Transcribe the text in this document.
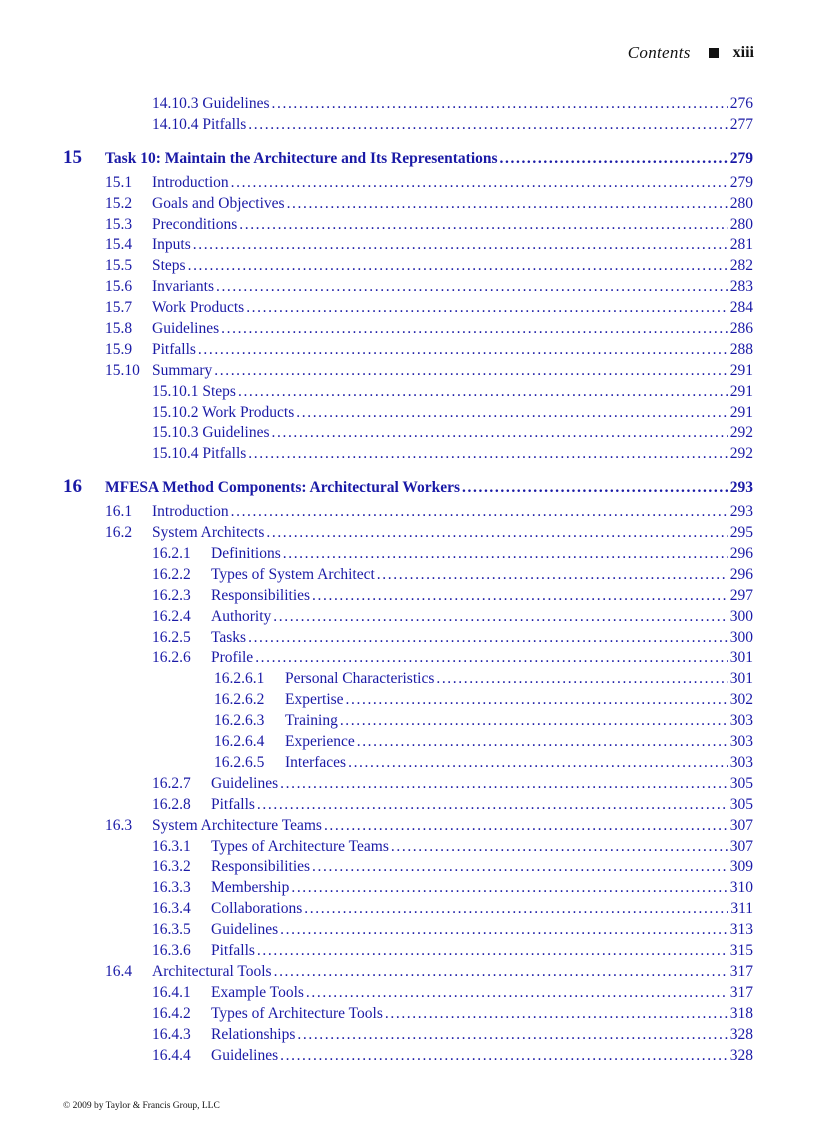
Contents	xiii
14.10.3 Guidelines .....	276
14.10.4 Pitfalls .....	277
15 Task 10: Maintain the Architecture and Its Representations .....	279
15.1 Introduction .....	279
15.2 Goals and Objectives .....	280
15.3 Preconditions .....	280
15.4 Inputs .....	281
15.5 Steps .....	282
15.6 Invariants .....	283
15.7 Work Products .....	284
15.8 Guidelines .....	286
15.9 Pitfalls .....	288
15.10 Summary .....	291
15.10.1 Steps .....	291
15.10.2 Work Products .....	291
15.10.3 Guidelines .....	292
15.10.4 Pitfalls .....	292
16 MFESA Method Components: Architectural Workers .....	293
16.1 Introduction .....	293
16.2 System Architects .....	295
16.2.1 Definitions .....	296
16.2.2 Types of System Architect .....	296
16.2.3 Responsibilities .....	297
16.2.4 Authority .....	300
16.2.5 Tasks .....	300
16.2.6 Profile .....	301
16.2.6.1 Personal Characteristics .....	301
16.2.6.2 Expertise .....	302
16.2.6.3 Training .....	303
16.2.6.4 Experience .....	303
16.2.6.5 Interfaces .....	303
16.2.7 Guidelines .....	305
16.2.8 Pitfalls .....	305
16.3 System Architecture Teams .....	307
16.3.1 Types of Architecture Teams .....	307
16.3.2 Responsibilities .....	309
16.3.3 Membership .....	310
16.3.4 Collaborations .....	311
16.3.5 Guidelines .....	313
16.3.6 Pitfalls .....	315
16.4 Architectural Tools .....	317
16.4.1 Example Tools .....	317
16.4.2 Types of Architecture Tools .....	318
16.4.3 Relationships .....	328
16.4.4 Guidelines .....	328
© 2009 by Taylor & Francis Group, LLC
